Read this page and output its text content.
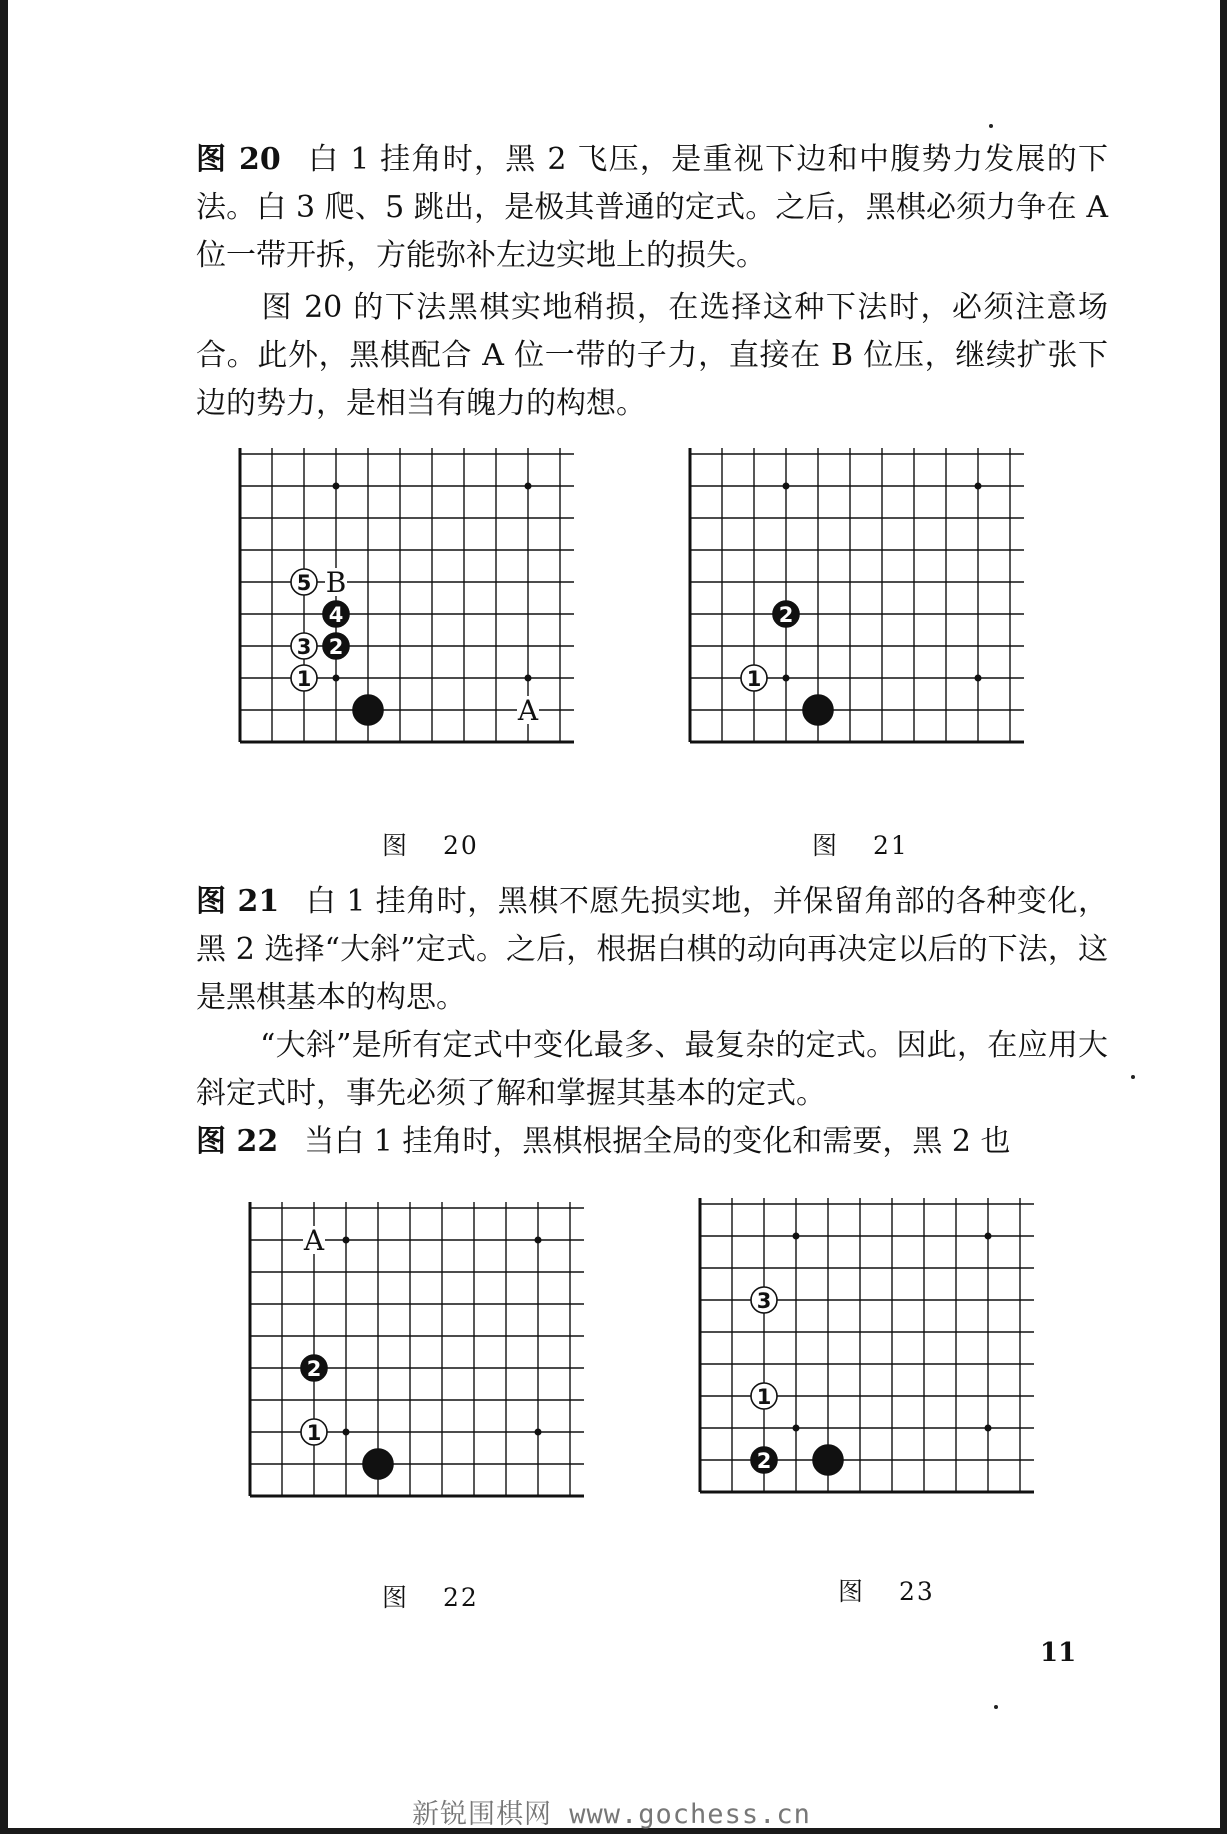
图 20 白 1 挂角时，黑 2 飞压，是重视下边和中腹势力发展的下法。白 3 爬、5 跳出，是极其普通的定式。之后，黑棋必须力争在 A 位一带开拆，方能弥补左边实地上的损失。

图 20 的下法黑棋实地稍损，在选择这种下法时，必须注意场合。此外，黑棋配合 A 位一带的子力，直接在 B 位压，继续扩张下边的势力，是相当有魄力的构想。

B
A
1
2
3
4
5
图 20
1
2
图 21

图 21 白 1 挂角时，黑棋不愿先损实地，并保留角部的各种变化，黑 2 选择“大斜”定式。之后，根据白棋的动向再决定以后的下法，这是黑棋基本的构思。

“大斜”是所有定式中变化最多、最复杂的定式。因此，在应用大斜定式时，事先必须了解和掌握其基本的定式。

图 22 当白 1 挂角时，黑棋根据全局的变化和需要，黑 2 也

A
1
2
图 22
1
2
3
图 23
11
新锐围棋网 www.gochess.cn
